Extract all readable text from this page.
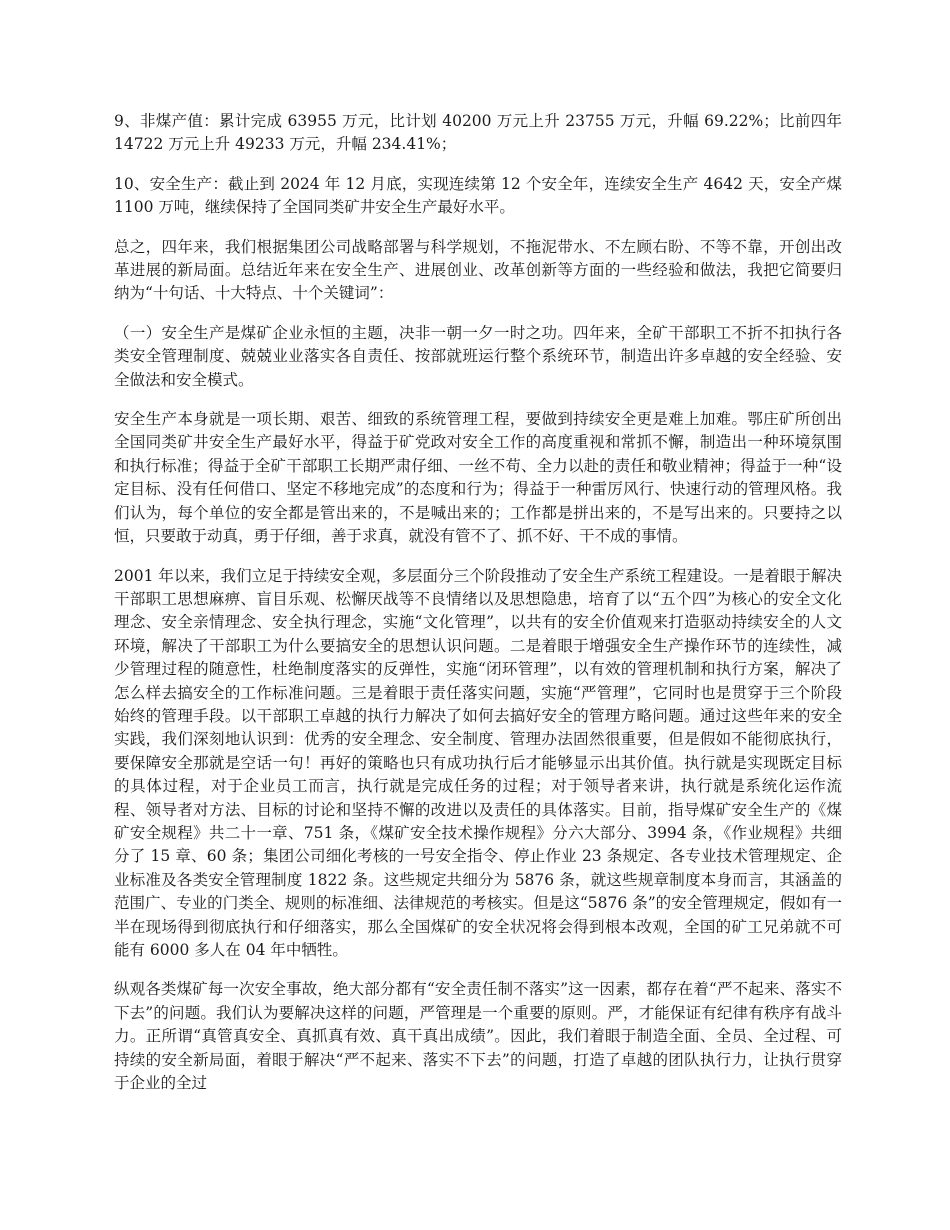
9、非煤产值：累计完成 63955 万元，比计划 40200 万元上升 23755 万元，升幅 69.22%；比前四年 14722 万元上升 49233 万元，升幅 234.41%；

10、安全生产：截止到 2024 年 12 月底，实现连续第 12 个安全年，连续安全生产 4642 天，安全产煤 1100 万吨，继续保持了全国同类矿井安全生产最好水平。

总之，四年来，我们根据集团公司战略部署与科学规划，不拖泥带水、不左顾右盼、不等不靠，开创出改革进展的新局面。总结近年来在安全生产、进展创业、改革创新等方面的一些经验和做法，我把它简要归纳为“十句话、十大特点、十个关键词”：

（一）安全生产是煤矿企业永恒的主题，决非一朝一夕一时之功。四年来，全矿干部职工不折不扣执行各类安全管理制度、兢兢业业落实各自责任、按部就班运行整个系统环节，制造出许多卓越的安全经验、安全做法和安全模式。

安全生产本身就是一项长期、艰苦、细致的系统管理工程，要做到持续安全更是难上加难。鄂庄矿所创出全国同类矿井安全生产最好水平，得益于矿党政对安全工作的高度重视和常抓不懈，制造出一种环境氛围和执行标准；得益于全矿干部职工长期严肃仔细、一丝不苟、全力以赴的责任和敬业精神；得益于一种“设定目标、没有任何借口、坚定不移地完成”的态度和行为；得益于一种雷厉风行、快速行动的管理风格。我们认为，每个单位的安全都是管出来的，不是喊出来的；工作都是拼出来的，不是写出来的。只要持之以恒，只要敢于动真，勇于仔细，善于求真，就没有管不了、抓不好、干不成的事情。

2001 年以来，我们立足于持续安全观，多层面分三个阶段推动了安全生产系统工程建设。一是着眼于解决干部职工思想麻痹、盲目乐观、松懈厌战等不良情绪以及思想隐患，培育了以“五个四”为核心的安全文化理念、安全亲情理念、安全执行理念，实施“文化管理”，以共有的安全价值观来打造驱动持续安全的人文环境，解决了干部职工为什么要搞安全的思想认识问题。二是着眼于增强安全生产操作环节的连续性，减少管理过程的随意性，杜绝制度落实的反弹性，实施“闭环管理”，以有效的管理机制和执行方案，解决了怎么样去搞安全的工作标准问题。三是着眼于责任落实问题，实施“严管理”，它同时也是贯穿于三个阶段始终的管理手段。以干部职工卓越的执行力解决了如何去搞好安全的管理方略问题。通过这些年来的安全实践，我们深刻地认识到：优秀的安全理念、安全制度、管理办法固然很重要，但是假如不能彻底执行，要保障安全那就是空话一句！再好的策略也只有成功执行后才能够显示出其价值。执行就是实现既定目标的具体过程，对于企业员工而言，执行就是完成任务的过程；对于领导者来讲，执行就是系统化运作流程、领导者对方法、目标的讨论和坚持不懈的改进以及责任的具体落实。目前，指导煤矿安全生产的《煤矿安全规程》共二十一章、751 条，《煤矿安全技术操作规程》分六大部分、3994 条，《作业规程》共细分了 15 章、60 条；集团公司细化考核的一号安全指令、停止作业 23 条规定、各专业技术管理规定、企业标准及各类安全管理制度 1822 条。这些规定共细分为 5876 条，就这些规章制度本身而言，其涵盖的范围广、专业的门类全、规则的标准细、法律规范的考核实。但是这“5876 条”的安全管理规定，假如有一半在现场得到彻底执行和仔细落实，那么全国煤矿的安全状况将会得到根本改观，全国的矿工兄弟就不可能有 6000 多人在 04 年中牺牲。

纵观各类煤矿每一次安全事故，绝大部分都有“安全责任制不落实”这一因素，都存在着“严不起来、落实不下去”的问题。我们认为要解决这样的问题，严管理是一个重要的原则。严，才能保证有纪律有秩序有战斗力。正所谓“真管真安全、真抓真有效、真干真出成绩”。因此，我们着眼于制造全面、全员、全过程、可持续的安全新局面，着眼于解决“严不起来、落实不下去”的问题，打造了卓越的团队执行力，让执行贯穿于企业的全过
